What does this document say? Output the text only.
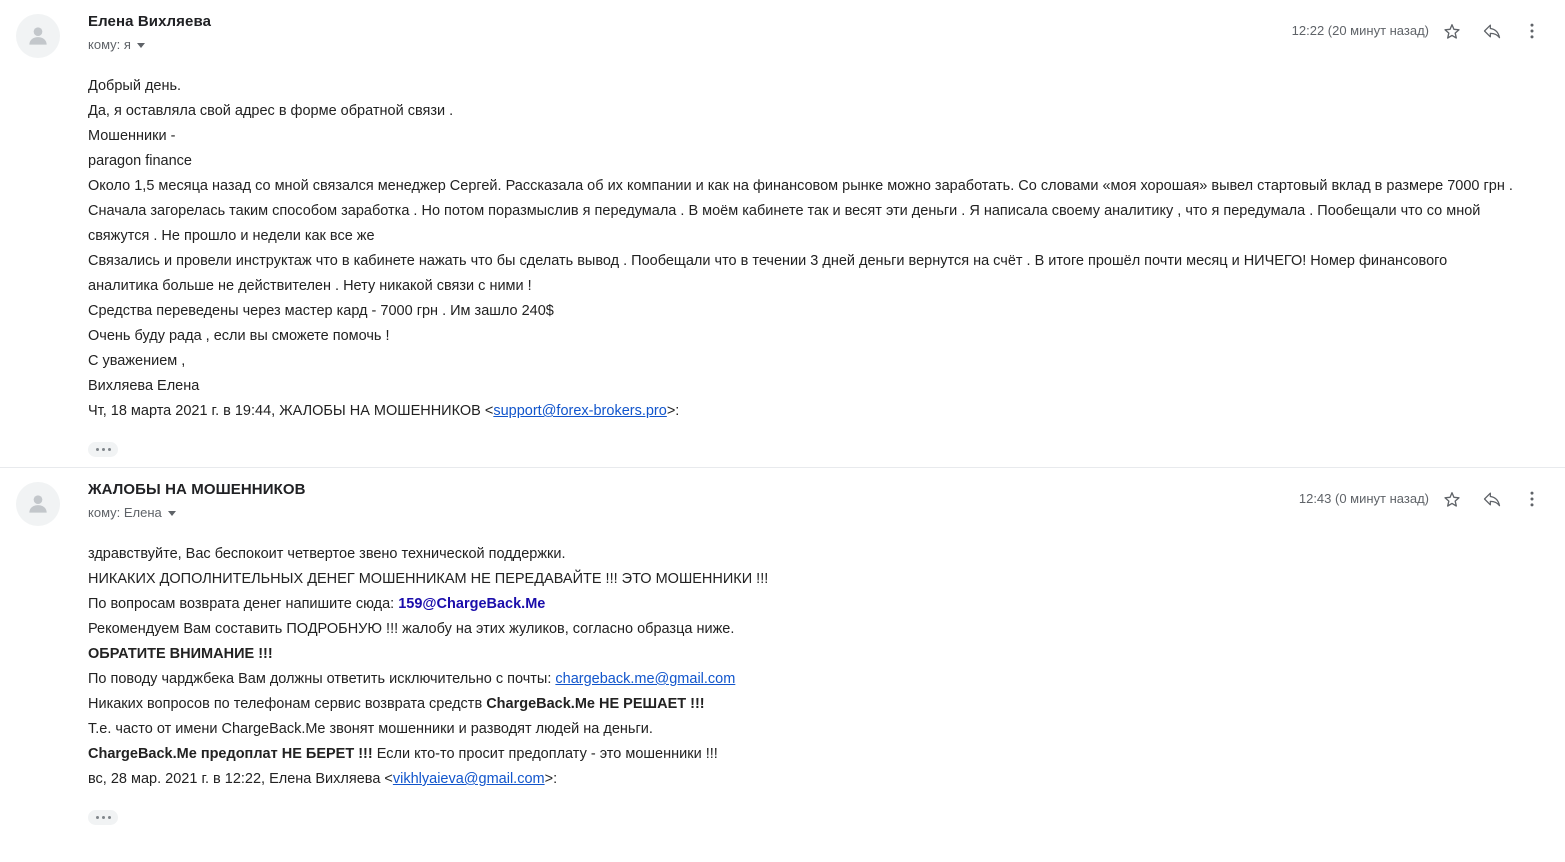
Елена Вихляева
кому: я
12:22 (20 минут назад)

Добрый день.

Да, я оставляла свой адрес в форме обратной связи .

Мошенники -

paragon finance

Около 1,5 месяца назад со мной связался менеджер Сергей. Рассказала об их компании и как на финансовом рынке можно заработать. Со словами «моя хорошая» вывел стартовый вклад в размере 7000 грн . Сначала загорелась таким способом заработка . Но потом поразмыслив я передумала . В моём кабинете так и весят эти деньги . Я написала своему аналитику , что я передумала . Пообещали что со мной свяжутся . Не прошло и недели как все же

Связались и провели инструктаж что в кабинете нажать что бы сделать вывод . Пообещали что в течении 3 дней деньги вернутся на счёт . В итоге прошёл почти месяц и НИЧЕГО! Номер финансового аналитика больше не действителен . Нету никакой связи с ними !

Средства переведены через мастер кард - 7000 грн . Им зашло 240$

Очень буду рада , если вы сможете помочь !

С уважением ,

Вихляева Елена

Чт, 18 марта 2021 г. в 19:44, ЖАЛОБЫ НА МОШЕННИКОВ <support@forex-brokers.pro>:

ЖАЛОБЫ НА МОШЕННИКОВ
кому: Елена
12:43 (0 минут назад)

здравствуйте, Вас беспокоит четвертое звено технической поддержки.

НИКАКИХ ДОПОЛНИТЕЛЬНЫХ ДЕНЕГ МОШЕННИКАМ НЕ ПЕРЕДАВАЙТЕ !!! ЭТО МОШЕННИКИ !!!

По вопросам возврата денег напишите сюда: 159@ChargeBack.Me

Рекомендуем Вам составить ПОДРОБНУЮ !!! жалобу на этих жуликов, согласно образца ниже.

ОБРАТИТЕ ВНИМАНИЕ !!!

По поводу чарджбека Вам должны ответить исключительно с почты: chargeback.me@gmail.com

Никаких вопросов по телефонам сервис возврата средств ChargeBack.Me НЕ РЕШАЕТ !!!

Т.е. часто от имени ChargeBack.Me звонят мошенники и разводят людей на деньги.

ChargeBack.Me предоплат НЕ БЕРЕТ !!! Если кто-то просит предоплату - это мошенники !!!

вс, 28 мар. 2021 г. в 12:22, Елена Вихляева <vikhlyaieva@gmail.com>:
